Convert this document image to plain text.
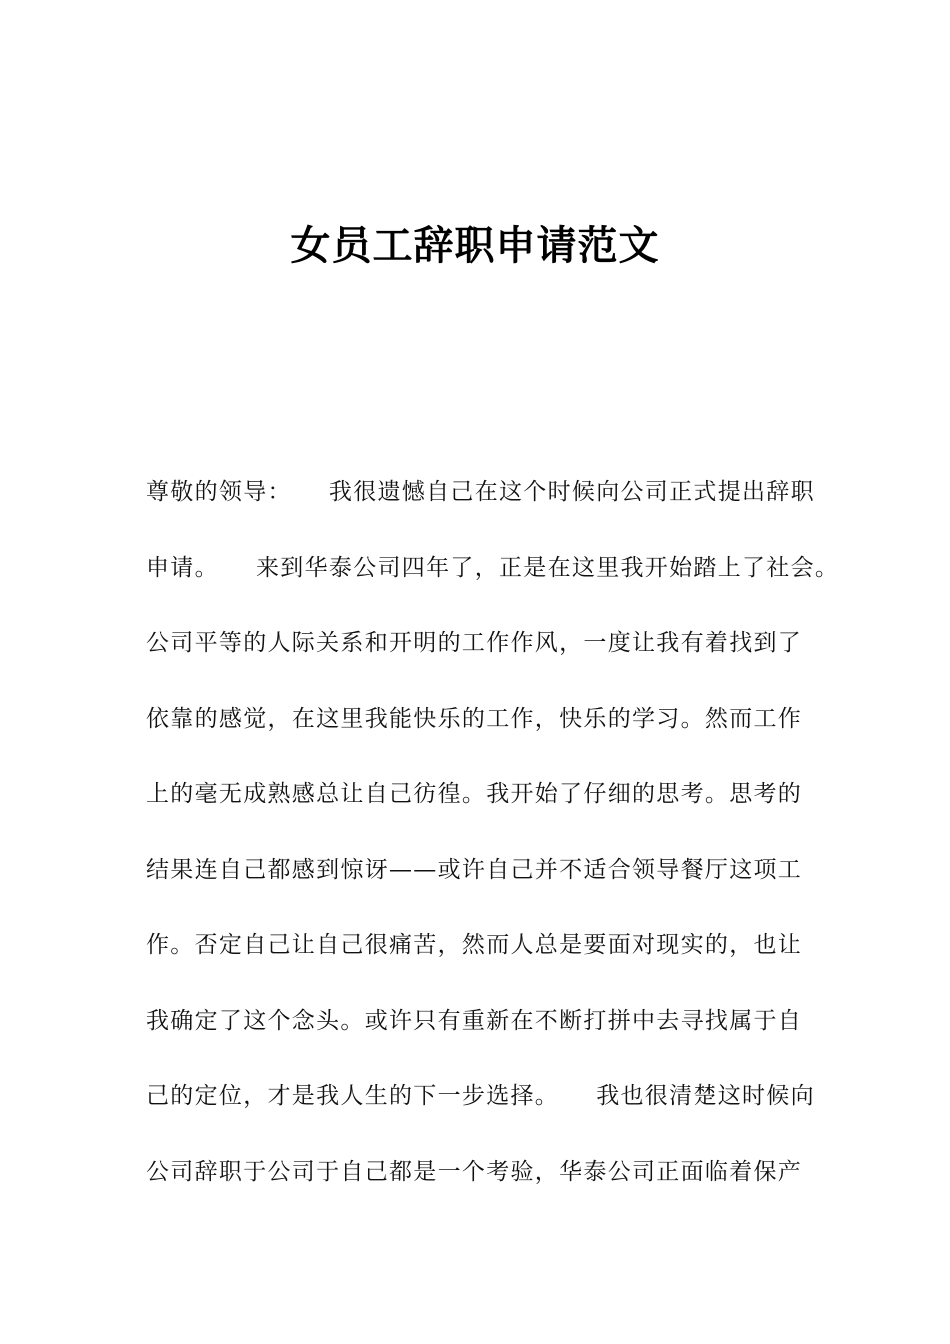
女员工辞职申请范文
尊敬的领导：　　我很遗憾自己在这个时候向公司正式提出辞职
申请。　　来到华泰公司四年了，正是在这里我开始踏上了社会。
公司平等的人际关系和开明的工作作风，一度让我有着找到了
依靠的感觉，在这里我能快乐的工作，快乐的学习。然而工作
上的毫无成熟感总让自己彷徨。我开始了仔细的思考。思考的
结果连自己都感到惊讶——或许自己并不适合领导餐厅这项工
作。否定自己让自己很痛苦，然而人总是要面对现实的，也让
我确定了这个念头。或许只有重新在不断打拼中去寻找属于自
己的定位，才是我人生的下一步选择。　　我也很清楚这时候向
公司辞职于公司于自己都是一个考验，华泰公司正面临着保产
